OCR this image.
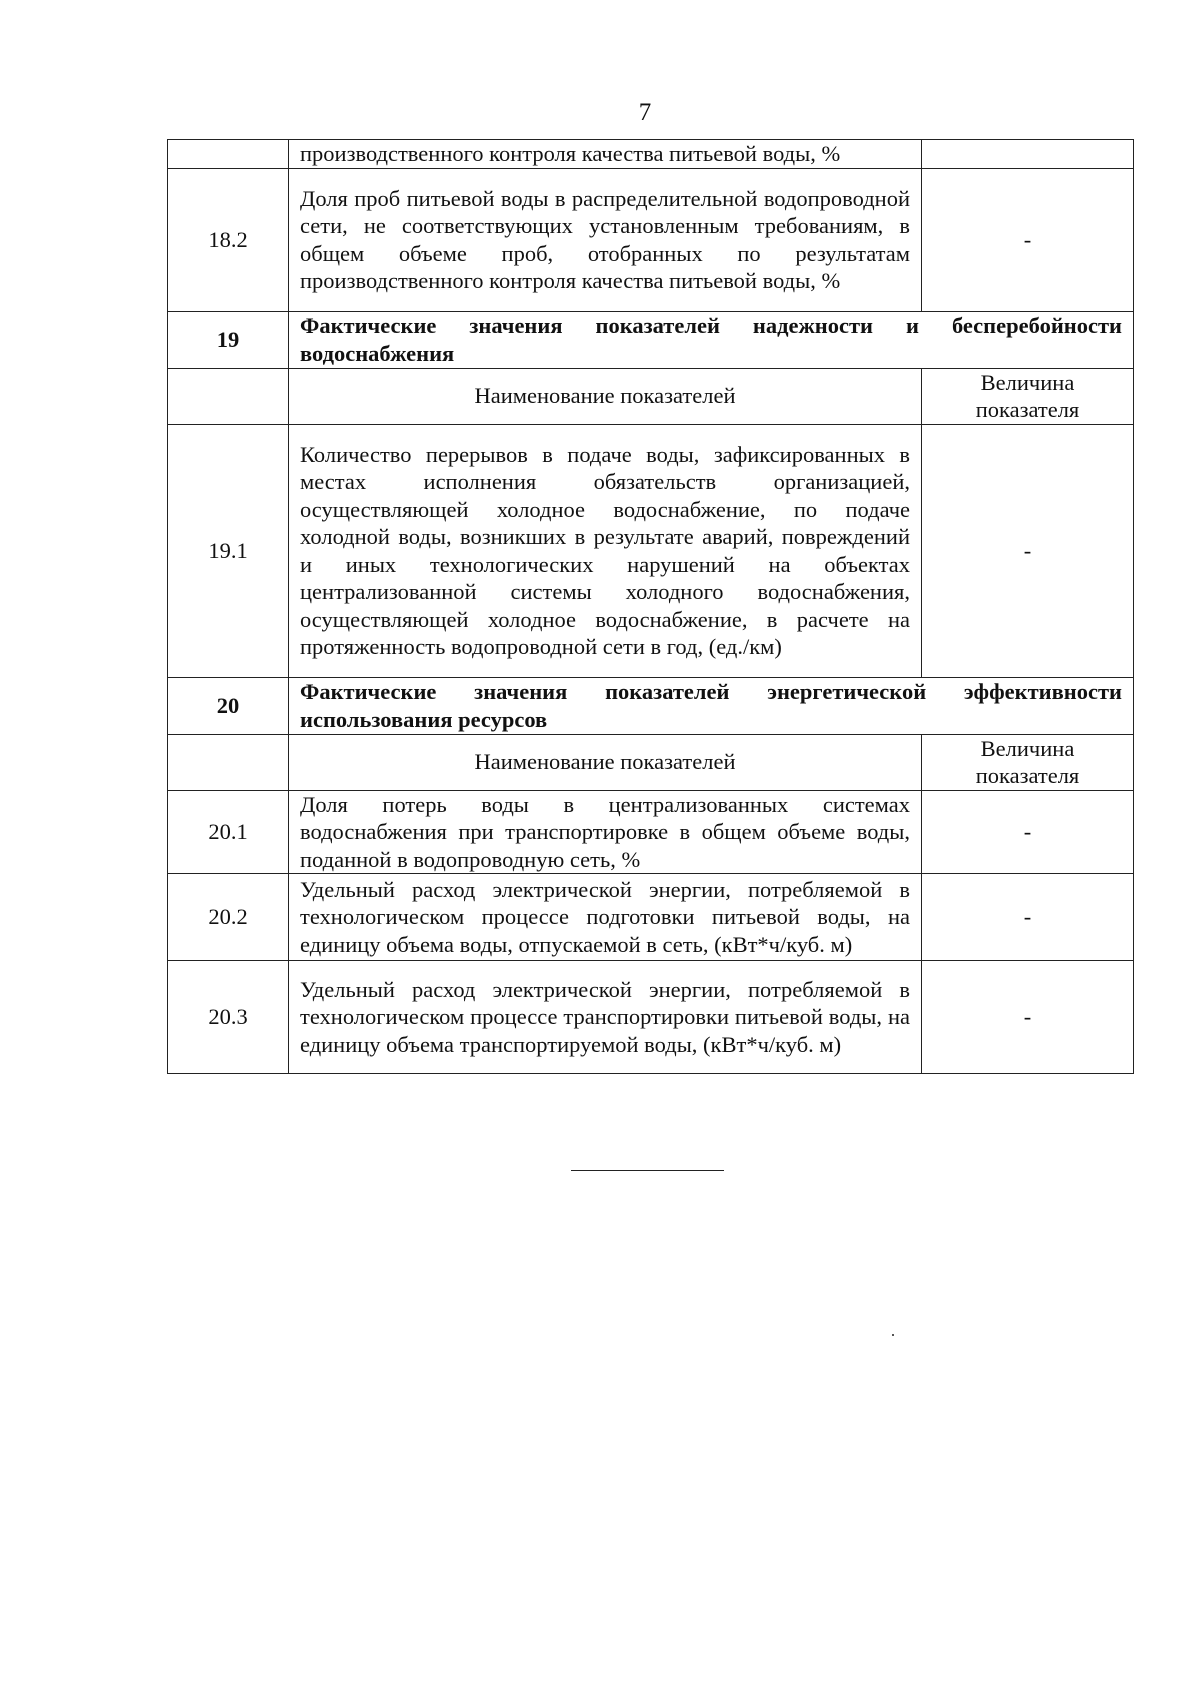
7
	производственного контроля качества питьевой воды, %	
18.2	Доля проб питьевой воды в распределительной водопроводной сети, не соответствующих установленным требованиям, в общем объеме проб, отобранных по результатам производственного контроля качества питьевой воды, %	-
19	Фактические значения показателей надежности и бесперебойности водоснабжения	
	Наименование показателей	Величина показателя
19.1	Количество перерывов в подаче воды, зафиксированных в местах исполнения обязательств организацией, осуществляющей холодное водоснабжение, по подаче холодной воды, возникших в результате аварий, повреждений и иных технологических нарушений на объектах централизованной системы холодного водоснабжения, осуществляющей холодное водоснабжение, в расчете на протяженность водопроводной сети в год, (ед./км)	-
20	Фактические значения показателей энергетической эффективности использования ресурсов	
	Наименование показателей	Величина показателя
20.1	Доля потерь воды в централизованных системах водоснабжения при транспортировке в общем объеме воды, поданной в водопроводную сеть, %	-
20.2	Удельный расход электрической энергии, потребляемой в технологическом процессе подготовки питьевой воды, на единицу объема воды, отпускаемой в сеть, (кВт*ч/куб. м)	-
20.3	Удельный расход электрической энергии, потребляемой в технологическом процессе транспортировки питьевой воды, на единицу объема транспортируемой воды, (кВт*ч/куб. м)	-
